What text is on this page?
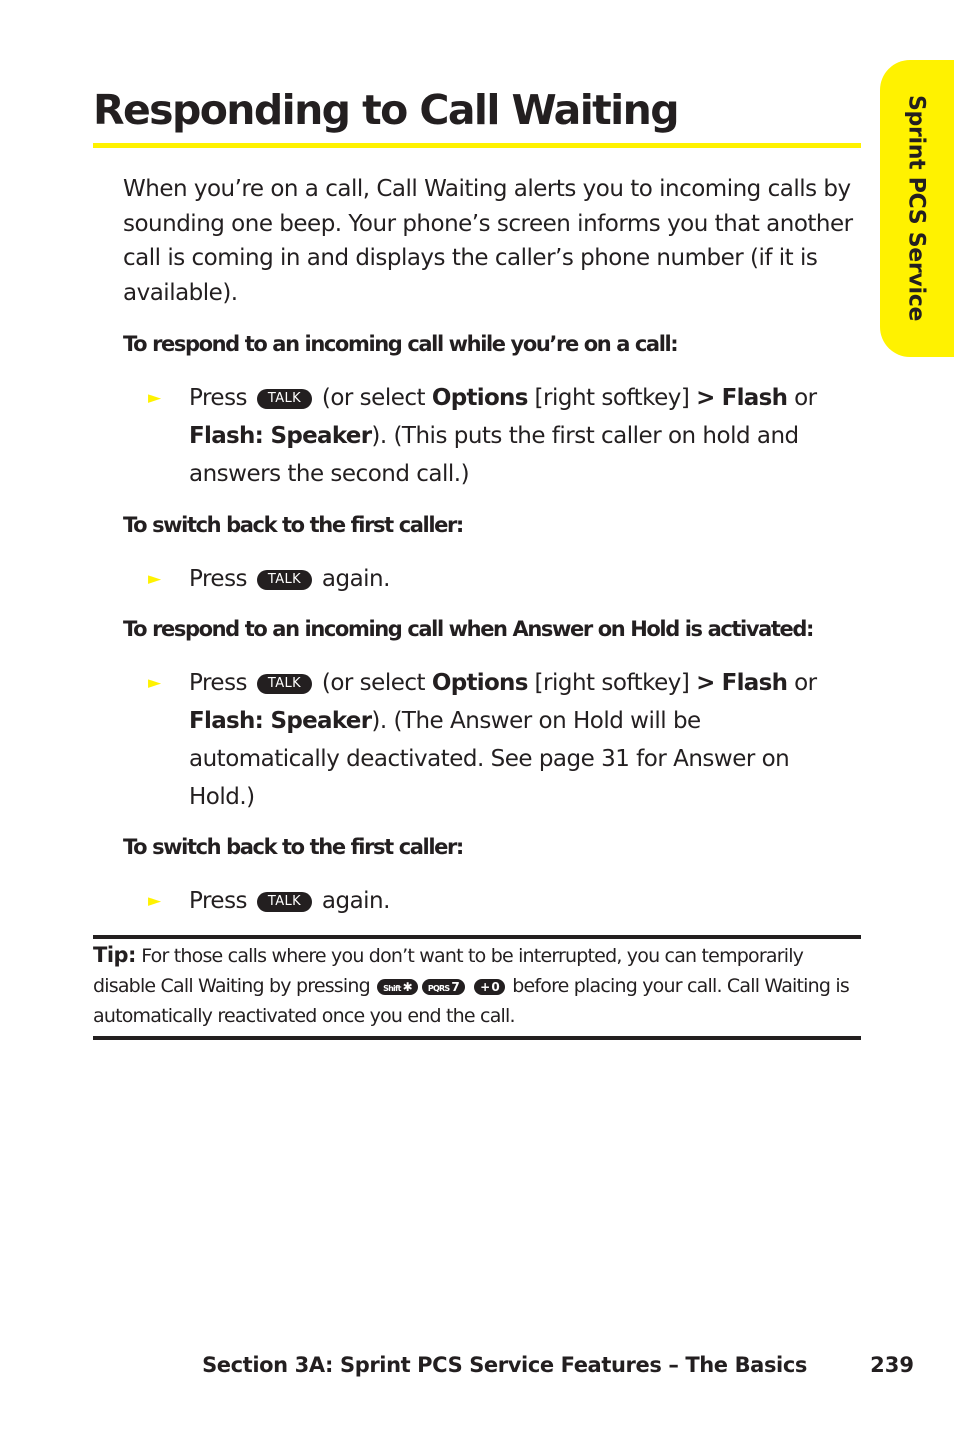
Responding to Call Waiting	Sprint PCS Service

When you’re on a call, Call Waiting alerts you to incoming calls by sounding one beep. Your phone’s screen informs you that another call is coming in and displays the caller’s phone number (if it is available).

To respond to an incoming call while you’re on a call:

► Press TALK (or select Options [right softkey] > Flash or Flash: Speaker). (This puts the first caller on hold and answers the second call.)

To switch back to the first caller:

► Press TALK again.

To respond to an incoming call when Answer on Hold is activated:

► Press TALK (or select Options [right softkey] > Flash or Flash: Speaker). (The Answer on Hold will be automatically deactivated. See page 31 for Answer on Hold.)

To switch back to the first caller:

► Press TALK again.

Tip: For those calls where you don’t want to be interrupted, you can temporarily disable Call Waiting by pressing Shift ✱ PQRS 7 + 0 before placing your call. Call Waiting is automatically reactivated once you end the call.

Section 3A: Sprint PCS Service Features – The Basics	239
